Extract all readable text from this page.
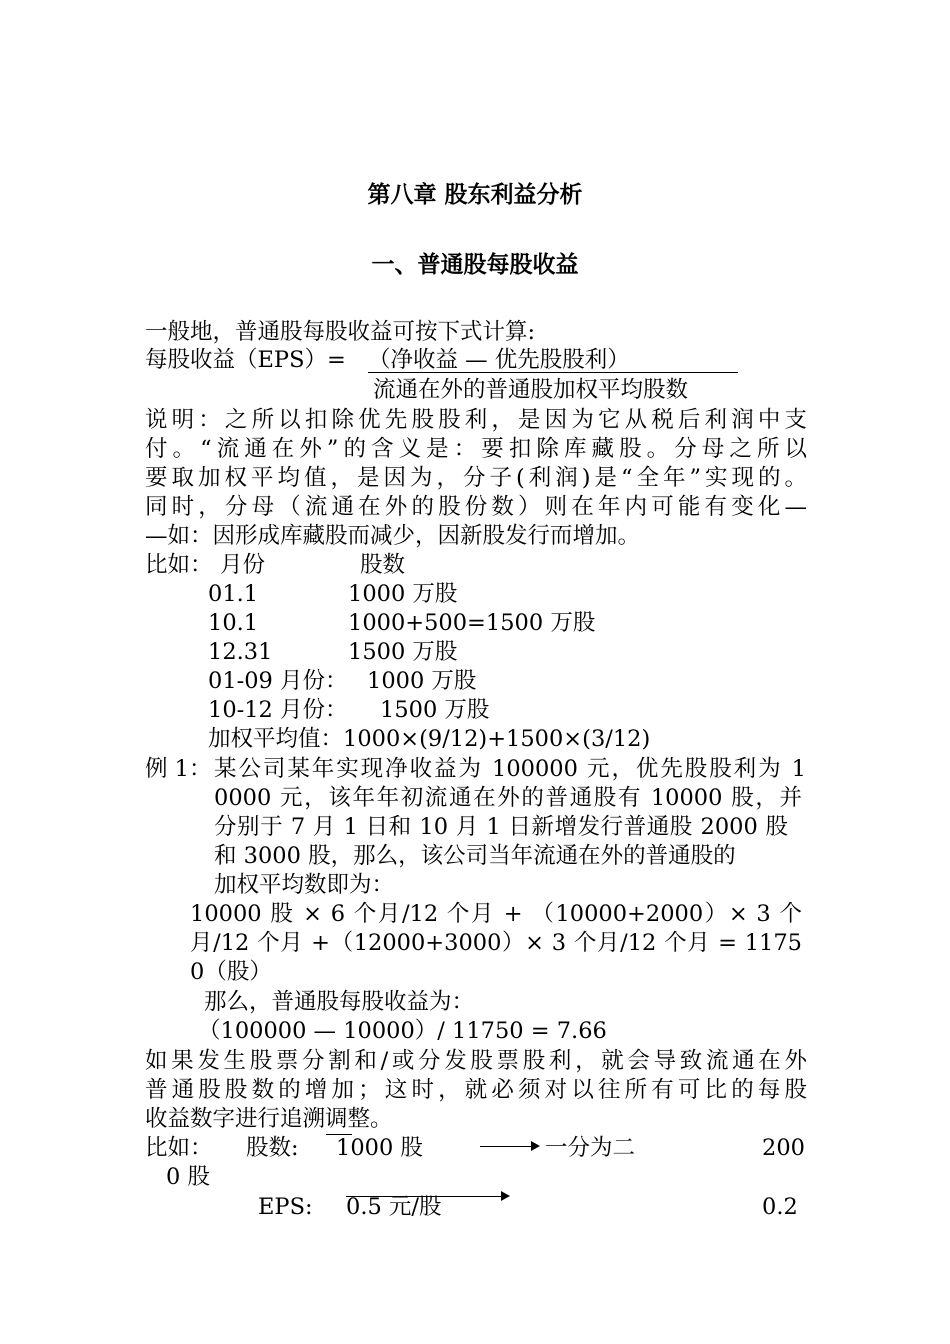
第八章 股东利益分析
一、普通股每股收益
一般地，普通股每股收益可按下式计算:
每股收益（EPS）= （净收益 — 优先股股利）
流通在外的普通股加权平均股数
说明：之所以扣除优先股股利，是因为它从税后利润中支
付。“流通在外”的含义是：要扣除库藏股。分母之所以
要取加权平均值，是因为，分子(利润)是“全年”实现的。
同时，分母（流通在外的股份数）则在年内可能有变化—
—如：因形成库藏股而减少，因新股发行而增加。
比如： 月份	股数
01.1	1000 万股
10.1	1000+500=1500 万股
12.31	1500 万股
01-09 月份： 1000 万股
10-12 月份： 1500 万股
加权平均值：1000×(9/12)+1500×(3/12)
例 1： 某公司某年实现净收益为 100000 元，优先股股利为 1
0000 元，该年年初流通在外的普通股有 10000 股，并
分别于 7 月 1 日和 10 月 1 日新增发行普通股 2000 股
和 3000 股，那么，该公司当年流通在外的普通股的
加权平均数即为：
10000 股 × 6 个月/12 个月 + （10000+2000）× 3 个
月/12 个月 +（12000+3000）× 3 个月/12 个月 = 1175
0（股）
那么，普通股每股收益为：
（100000 — 10000）/ 11750 = 7.66
如果发生股票分割和/或分发股票股利，就会导致流通在外
普通股股数的增加；这时，就必须对以往所有可比的每股
收益数字进行追溯调整。
比如： 股数: 1000 股	一分为二	200
0 股
EPS: 0.5 元/股	0.2
